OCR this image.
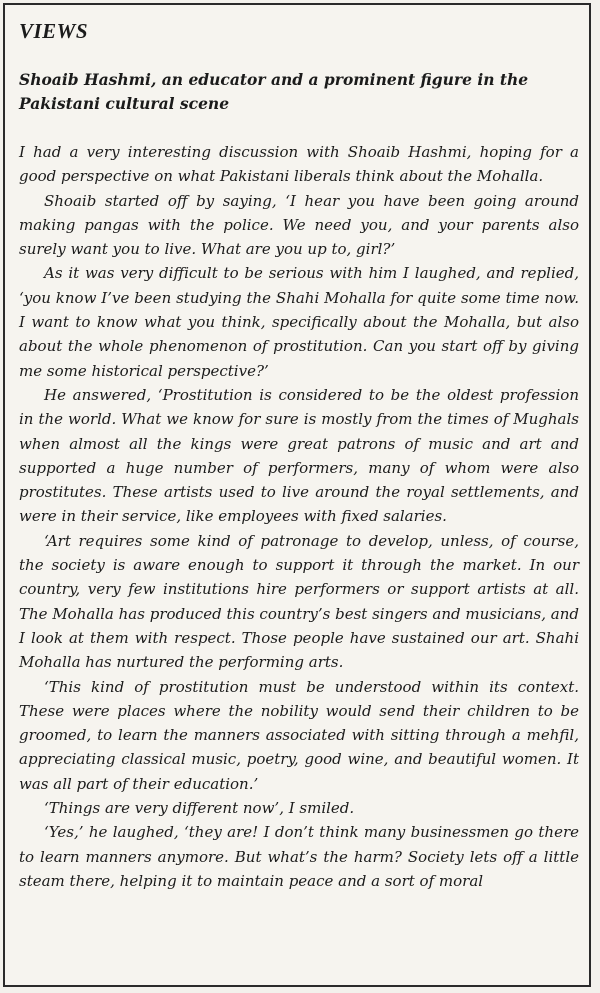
VIEWS
Shoaib Hashmi, an educator and a prominent figure in the Pakistani cultural scene

I had a very interesting discussion with Shoaib Hashmi, hoping for a good perspective on what Pakistani liberals think about the Mohalla.

Shoaib started off by saying, ‘I hear you have been going around making pangas with the police. We need you, and your parents also surely want you to live. What are you up to, girl?’

As it was very difficult to be serious with him I laughed, and replied, ‘you know I’ve been studying the Shahi Mohalla for quite some time now. I want to know what you think, specifically about the Mohalla, but also about the whole phenomenon of prostitution. Can you start off by giving me some historical perspective?’

He answered, ‘Prostitution is considered to be the oldest profession in the world. What we know for sure is mostly from the times of Mughals when almost all the kings were great patrons of music and art and supported a huge number of performers, many of whom were also prostitutes. These artists used to live around the royal settlements, and were in their service, like employees with fixed salaries.

‘Art requires some kind of patronage to develop, unless, of course, the society is aware enough to support it through the market. In our country, very few institutions hire performers or support artists at all. The Mohalla has produced this country’s best singers and musicians, and I look at them with respect. Those people have sustained our art. Shahi Mohalla has nurtured the performing arts.

‘This kind of prostitution must be understood within its context. These were places where the nobility would send their children to be groomed, to learn the manners associated with sitting through a mehfil, appreciating classical music, poetry, good wine, and beautiful women. It was all part of their education.’

‘Things are very different now’, I smiled.

‘Yes,’ he laughed, ‘they are! I don’t think many businessmen go there to learn manners anymore. But what’s the harm? Society lets off a little steam there, helping it to maintain peace and a sort of moral
